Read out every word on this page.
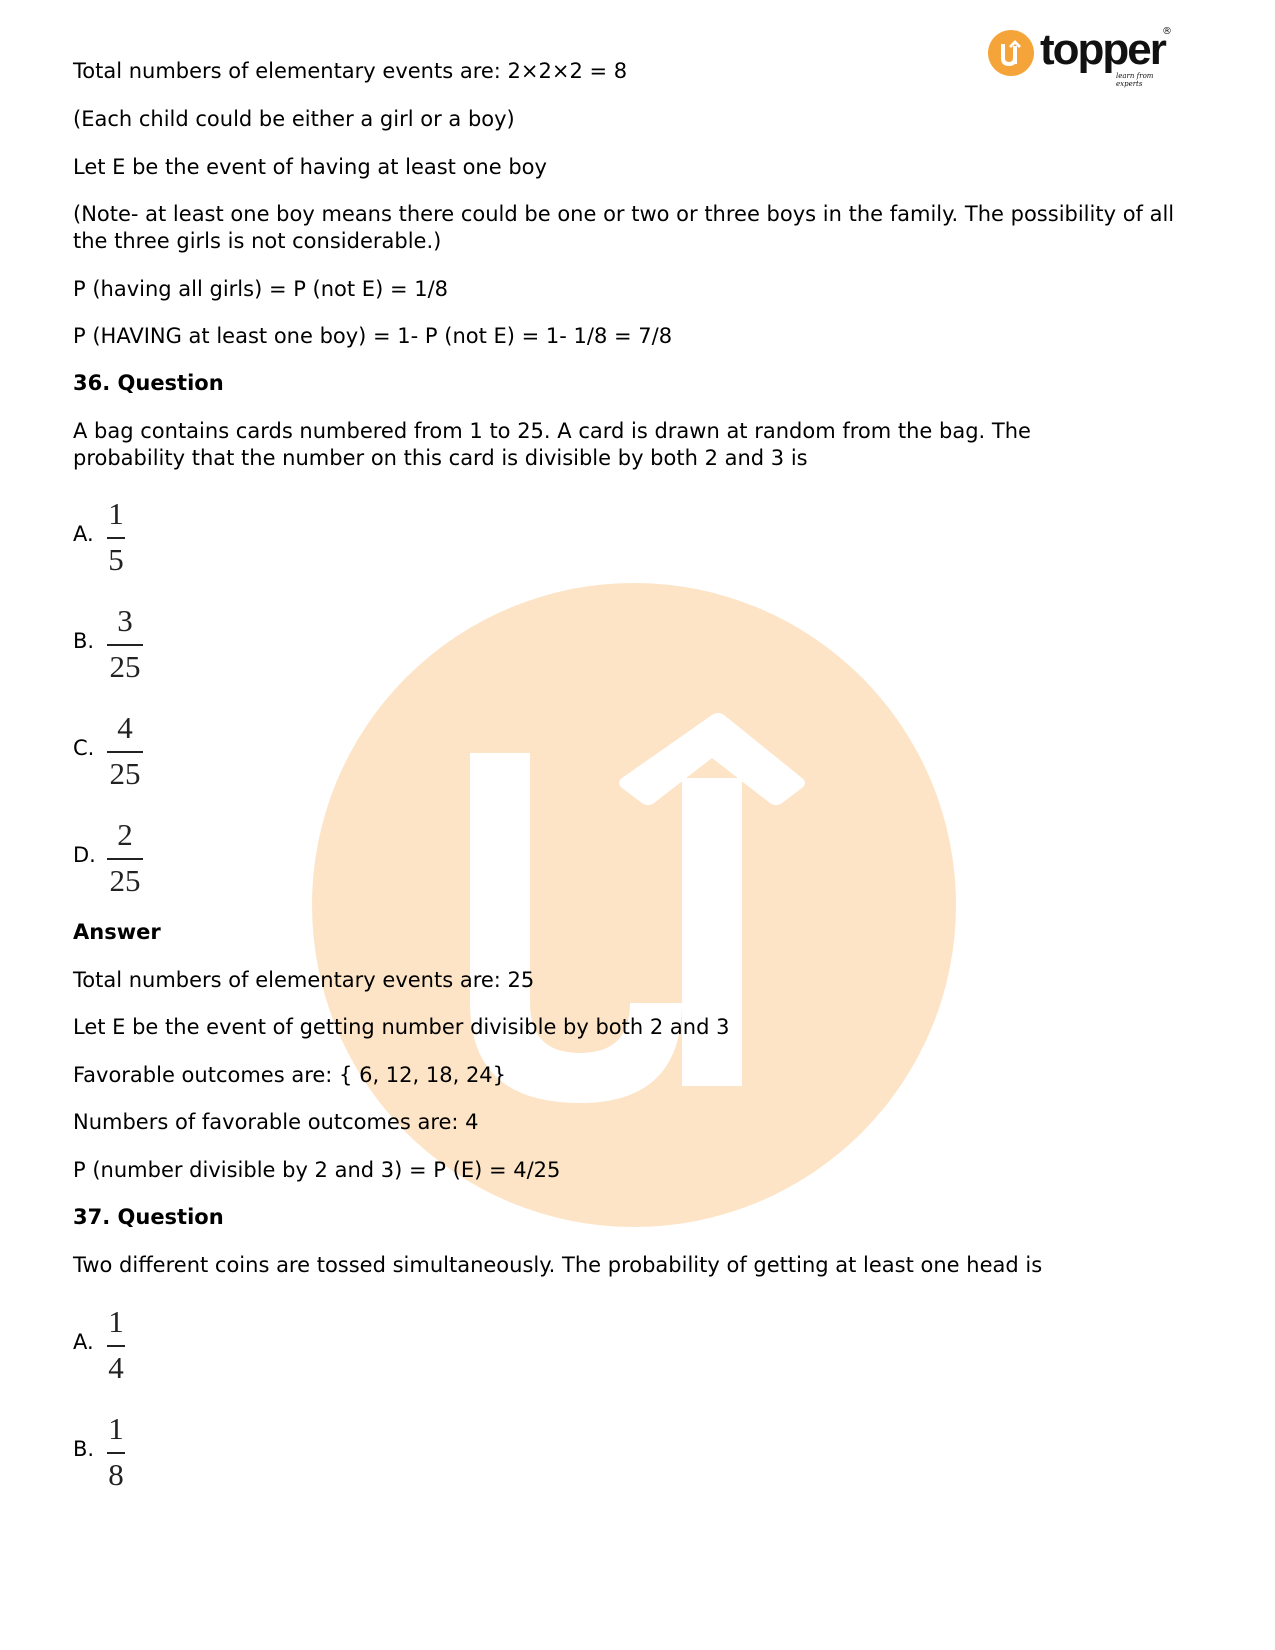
topper
®
learn from experts
Total numbers of elementary events are: 2×2×2 = 8
(Each child could be either a girl or a boy)
Let E be the event of having at least one boy
(Note- at least one boy means there could be one or two or three boys in the family. The possibility of all the three girls is not considerable.)
P (having all girls) = P (not E) = 1/8
P (HAVING at least one boy) = 1- P (not E) = 1- 1/8 = 7/8
36. Question
A bag contains cards numbered from 1 to 25. A card is drawn at random from the bag. The probability that the number on this card is divisible by both 2 and 3 is
A.
1
5
B.
3
25
C.
4
25
D.
2
25
Answer
Total numbers of elementary events are: 25
Let E be the event of getting number divisible by both 2 and 3
Favorable outcomes are: { 6, 12, 18, 24}
Numbers of favorable outcomes are: 4
P (number divisible by 2 and 3) = P (E) = 4/25
37. Question
Two different coins are tossed simultaneously. The probability of getting at least one head is
A.
1
4
B.
1
8
